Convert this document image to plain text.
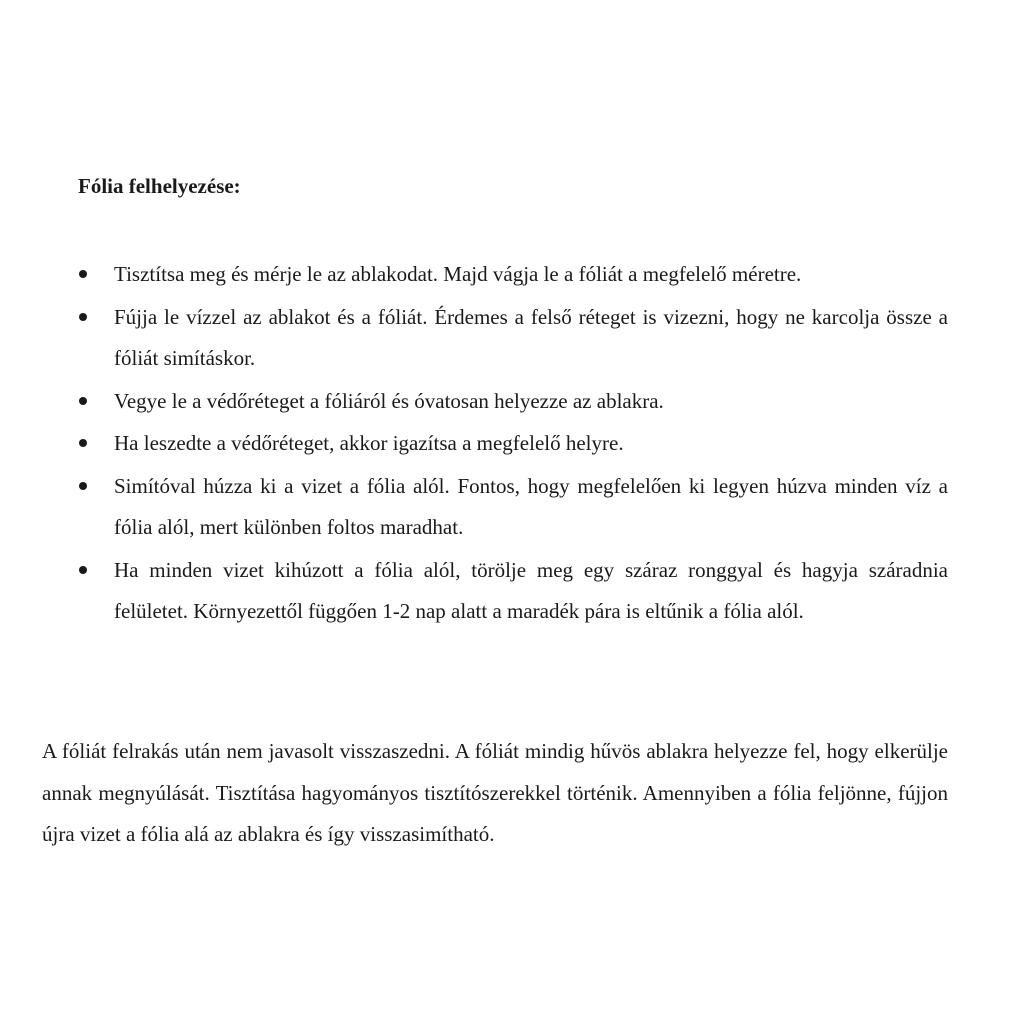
Fólia felhelyezése:

Tisztítsa meg és mérje le az ablakodat. Majd vágja le a fóliát a megfelelő méretre.
Fújja le vízzel az ablakot és a fóliát. Érdemes a felső réteget is vizezni, hogy ne karcolja össze a fóliát simításkor.
Vegye le a védőréteget a fóliáról és óvatosan helyezze az ablakra.
Ha leszedte a védőréteget, akkor igazítsa a megfelelő helyre.
Simítóval húzza ki a vizet a fólia alól. Fontos, hogy megfelelően ki legyen húzva minden víz a fólia alól, mert különben foltos maradhat.
Ha minden vizet kihúzott a fólia alól, törölje meg egy száraz ronggyal és hagyja száradnia felületet. Környezettől függően 1-2 nap alatt a maradék pára is eltűnik a fólia alól.

A fóliát felrakás után nem javasolt visszaszedni. A fóliát mindig hűvös ablakra helyezze fel, hogy elkerülje annak megnyúlását. Tisztítása hagyományos tisztítószerekkel történik. Amennyiben a fólia feljönne, fújjon újra vizet a fólia alá az ablakra és így visszasimítható.
